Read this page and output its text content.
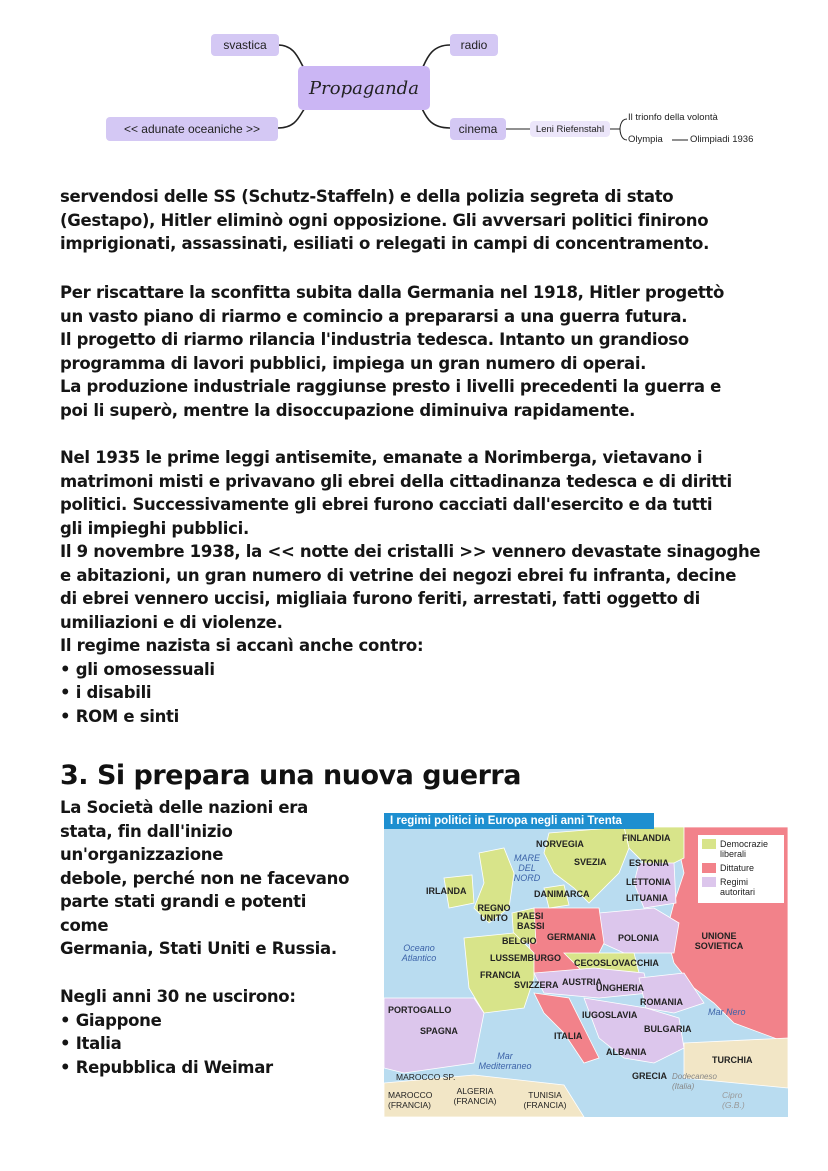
svastica	radio
Propaganda
<< adunate oceaniche >>	cinema	Leni Riefenstahl
Il trionfo della volontà
Olympia	Olimpiadi 1936
servendosi delle SS (Schutz-Staffeln) e della polizia segreta di stato
(Gestapo), Hitler eliminò ogni opposizione. Gli avversari politici finirono
imprigionati, assassinati, esiliati o relegati in campi di concentramento.
Per riscattare la sconfitta subita dalla Germania nel 1918, Hitler progettò
un vasto piano di riarmo e comincio a prepararsi a una guerra futura.
Il progetto di riarmo rilancia l'industria tedesca. Intanto un grandioso
programma di lavori pubblici, impiega un gran numero di operai.
La produzione industriale raggiunse presto i livelli precedenti la guerra e
poi li superò, mentre la disoccupazione diminuiva rapidamente.
Nel 1935 le prime leggi antisemite, emanate a Norimberga, vietavano i
matrimoni misti e privavano gli ebrei della cittadinanza tedesca e di diritti
politici. Successivamente gli ebrei furono cacciati dall'esercito e da tutti
gli impieghi pubblici.
Il 9 novembre 1938, la << notte dei cristalli >> vennero devastate sinagoghe
e abitazioni, un gran numero di vetrine dei negozi ebrei fu infranta, decine
di ebrei vennero uccisi, migliaia furono feriti, arrestati, fatti oggetto di
umiliazioni e di violenze.
Il regime nazista si accanì anche contro:
• gli omosessuali
• i disabili
• ROM e sinti
3. Si prepara una nuova guerra
La Società delle nazioni era
stata, fin dall'inizio
un'organizzazione
debole, perché non ne facevano
parte stati grandi e potenti
come
Germania, Stati Uniti e Russia.
Negli anni 30 ne uscirono:
• Giappone
• Italia
• Repubblica di Weimar
I regimi politici in Europa negli anni Trenta
Democrazie liberali
Dittature
Regimi autoritari
FINLANDIA
NORVEGIA
SVEZIA ESTONIA
LETTONIA
LITUANIA
MARE DEL NORD
IRLANDA	DANIMARCA
REGNO UNITO	PAESI BASSI
BELGIO GERMANIA POLONIA	UNIONE SOVIETICA
Oceano Atlantico	LUSSEMBURGO CECOSLOVACCHIA
FRANCIA
SVIZZERA AUSTRIA
UNGHERIA
ROMANIA
PORTOGALLO	IUGOSLAVIA	Mar Nero
SPAGNA	ITALIA
BULGARIA
ALBANIA
TURCHIA
Mar Mediterraneo
GRECIA Dodecaneso (Italia)
MAROCCO SP.
MAROCCO (FRANCIA)
ALGERIA (FRANCIA)
TUNISIA (FRANCIA)
Cipro (G.B.)
